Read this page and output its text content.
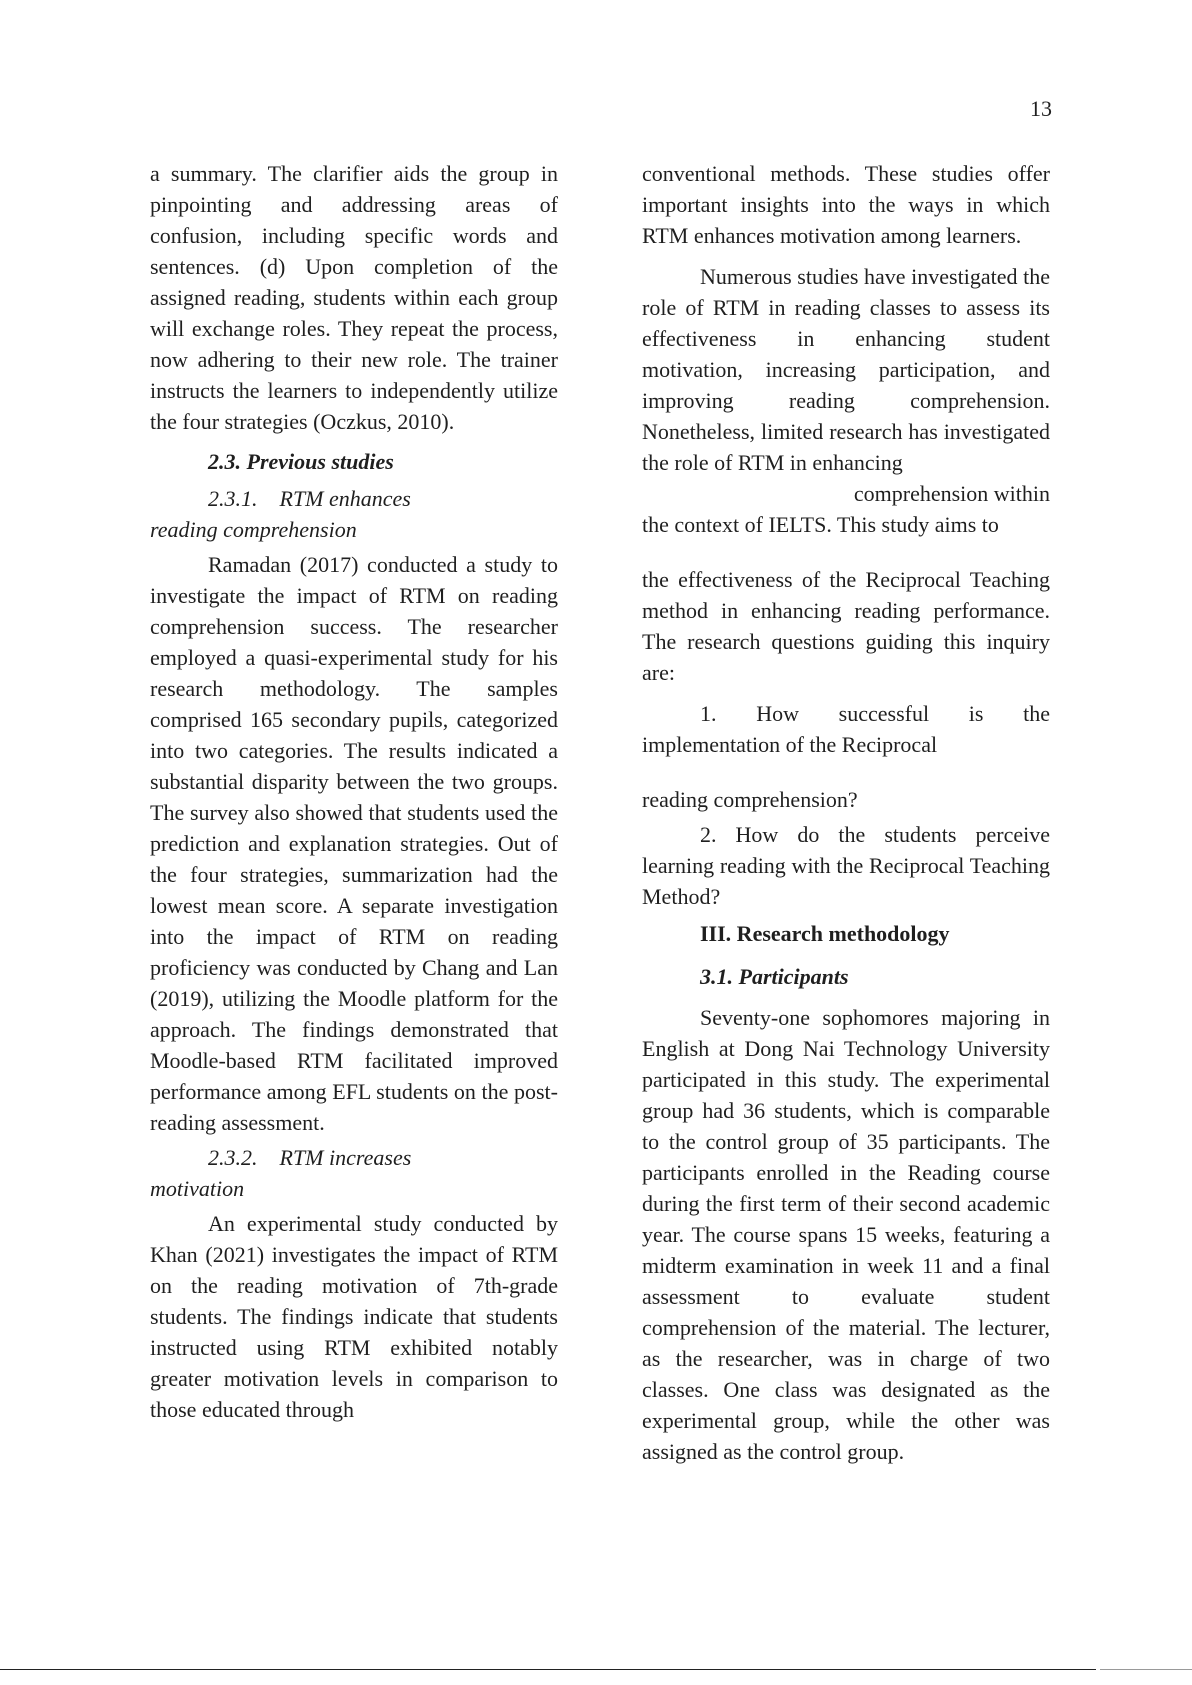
13

a summary. The clarifier aids the group in pinpointing and addressing areas of confusion, including specific words and sentences. (d) Upon completion of the assigned reading, students within each group will exchange roles. They repeat the process, now adhering to their new role. The trainer instructs the learners to independently utilize the four strategies (Oczkus, 2010).

2.3. Previous studies
2.3.1. RTM enhances
reading comprehension

Ramadan (2017) conducted a study to investigate the impact of RTM on reading comprehension success. The researcher employed a quasi-experimental study for his research methodology. The samples comprised 165 secondary pupils, categorized into two categories. The results indicated a substantial disparity between the two groups. The survey also showed that students used the prediction and explanation strategies. Out of the four strategies, summarization had the lowest mean score. A separate investigation into the impact of RTM on reading proficiency was conducted by Chang and Lan (2019), utilizing the Moodle platform for the approach. The findings demonstrated that Moodle-based RTM facilitated improved performance among EFL students on the post-reading assessment.

2.3.2. RTM increases
motivation

An experimental study conducted by Khan (2021) investigates the impact of RTM on the reading motivation of 7th-grade students. The findings indicate that students instructed using RTM exhibited notably greater motivation levels in comparison to those educated through

conventional methods. These studies offer important insights into the ways in which RTM enhances motivation among learners.

Numerous studies have investigated the role of RTM in reading classes to assess its effectiveness in enhancing student motivation, increasing participation, and improving reading comprehension. Nonetheless, limited research has investigated the role of RTM in enhancing

comprehension within

the context of IELTS. This study aims to

the effectiveness of the Reciprocal Teaching method in enhancing reading performance. The research questions guiding this inquiry are:

1. How successful is the implementation of the Reciprocal

reading comprehension?

2. How do the students perceive learning reading with the Reciprocal Teaching Method?

III. Research methodology
3.1. Participants

Seventy-one sophomores majoring in English at Dong Nai Technology University participated in this study. The experimental group had 36 students, which is comparable to the control group of 35 participants. The participants enrolled in the Reading course during the first term of their second academic year. The course spans 15 weeks, featuring a midterm examination in week 11 and a final assessment to evaluate student comprehension of the material. The lecturer, as the researcher, was in charge of two classes. One class was designated as the experimental group, while the other was assigned as the control group.
